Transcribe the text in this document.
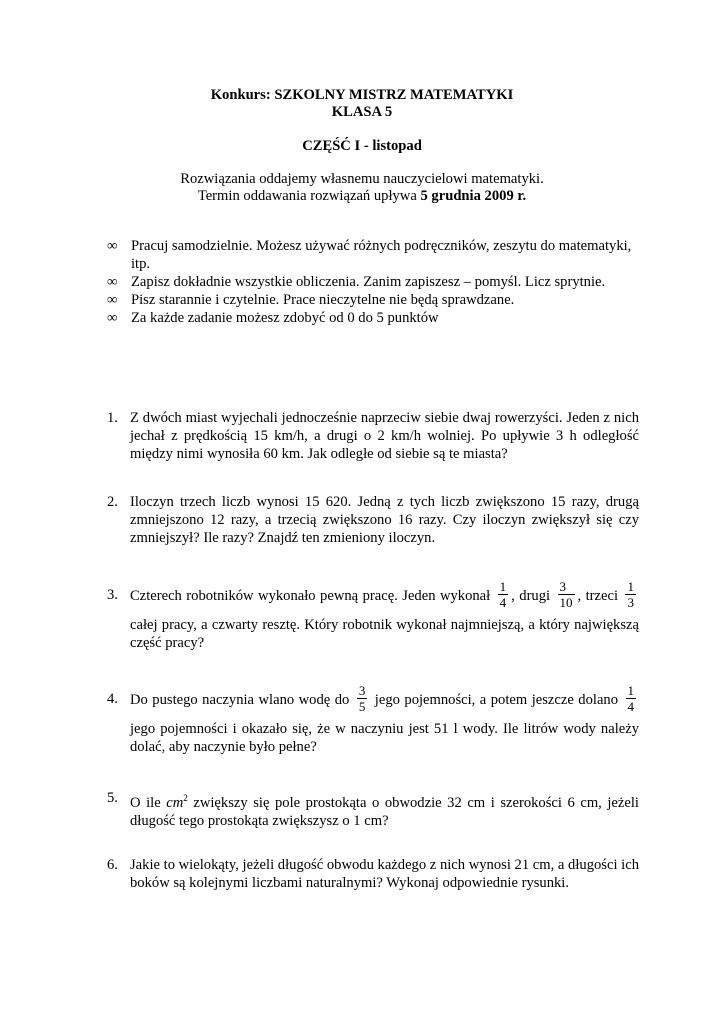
Konkurs: SZKOLNY MISTRZ MATEMATYKI
KLASA 5
CZĘŚĆ I - listopad
Rozwiązania oddajemy własnemu nauczycielowi matematyki.
Termin oddawania rozwiązań upływa 5 grudnia 2009 r.
∞ Pracuj samodzielnie. Możesz używać różnych podręczników, zeszytu do matematyki, itp.
∞ Zapisz dokładnie wszystkie obliczenia. Zanim zapiszesz – pomyśl. Licz sprytnie.
∞ Pisz starannie i czytelnie. Prace nieczytelne nie będą sprawdzane.
∞ Za każde zadanie możesz zdobyć od 0 do 5 punktów
1. Z dwóch miast wyjechali jednocześnie naprzeciw siebie dwaj rowerzyści. Jeden z nich jechał z prędkością 15 km/h, a drugi o 2 km/h wolniej. Po upływie 3 h odległość między nimi wynosiła 60 km. Jak odległe od siebie są te miasta?
2. Iloczyn trzech liczb wynosi 15 620. Jedną z tych liczb zwiększono 15 razy, drugą zmniejszono 12 razy, a trzecią zwiększono 16 razy. Czy iloczyn zwiększył się czy zmniejszył? Ile razy? Znajdź ten zmieniony iloczyn.
3. Czterech robotników wykonało pewną pracę. Jeden wykonał $\frac{1}{4}$ , drugi $\frac{3}{10}$ , trzeci $\frac{1}{3}$
całej pracy, a czwarty resztę. Który robotnik wykonał najmniejszą, a który największą część pracy?
4. Do pustego naczynia wlano wodę do $\frac{3}{5}$ jego pojemności, a potem jeszcze dolano $\frac{1}{4}$
jego pojemności i okazało się, że w naczyniu jest 51 l wody. Ile litrów wody należy dolać, aby naczynie było pełne?
5. O ile $cm^2$ zwiększy się pole prostokąta o obwodzie 32 cm i szerokości 6 cm, jeżeli długość tego prostokąta zwiększysz o 1 cm?
6. Jakie to wielokąty, jeżeli długość obwodu każdego z nich wynosi 21 cm, a długości ich boków są kolejnymi liczbami naturalnymi? Wykonaj odpowiednie rysunki.
